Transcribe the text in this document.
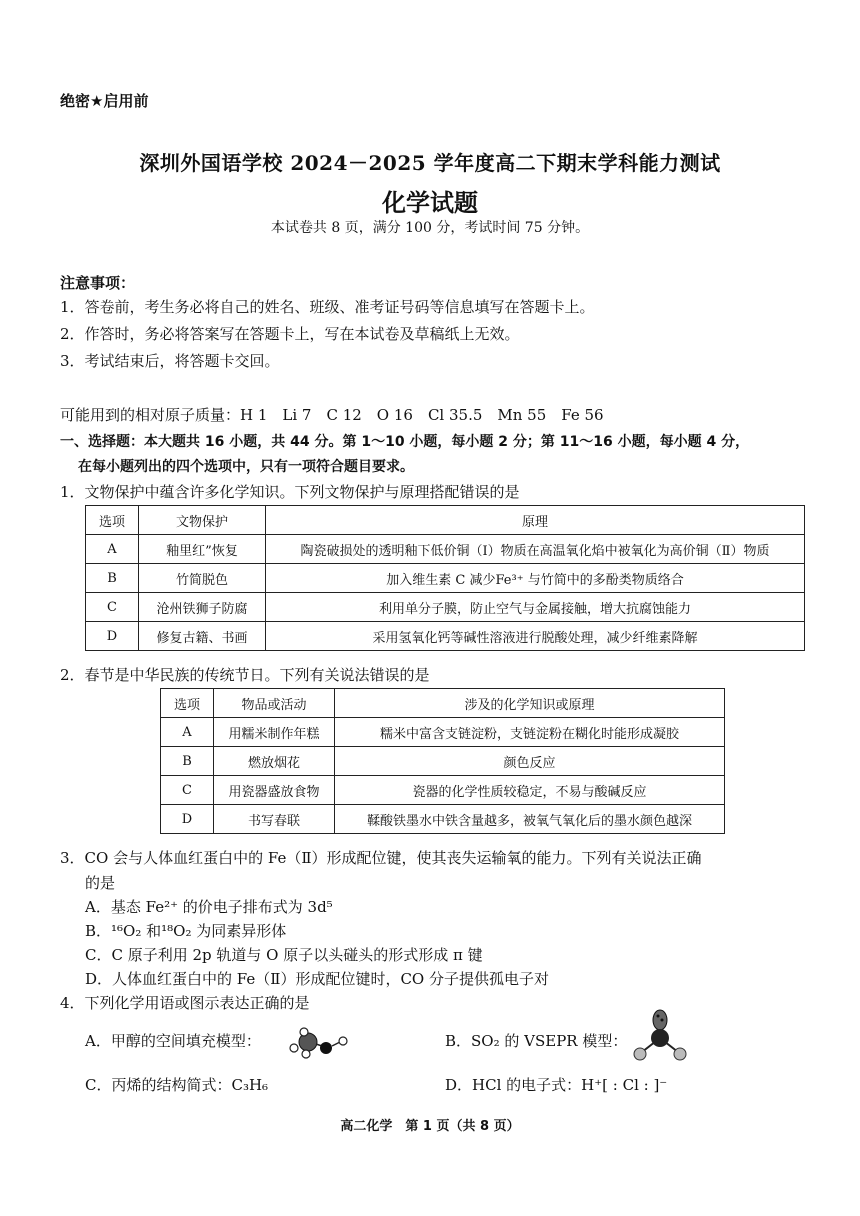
绝密★启用前
深圳外国语学校 2024－2025 学年度高二下期末学科能力测试
化学试题
本试卷共 8 页，满分 100 分，考试时间 75 分钟。
注意事项：
1．答卷前，考生务必将自己的姓名、班级、准考证号码等信息填写在答题卡上。
2．作答时，务必将答案写在答题卡上，写在本试卷及草稿纸上无效。
3．考试结束后，将答题卡交回。
可能用到的相对原子质量：H 1　Li 7　C 12　O 16　Cl 35.5　Mn 55　Fe 56
一、选择题：本大题共 16 小题，共 44 分。第 1～10 小题，每小题 2 分；第 11～16 小题，每小题 4 分，
在每小题列出的四个选项中，只有一项符合题目要求。
1．文物保护中蕴含许多化学知识。下列文物保护与原理搭配错误的是
选项	文物保护	原理
A	釉里红”恢复	陶瓷破损处的透明釉下低价铜（Ⅰ）物质在高温氧化焰中被氧化为高价铜（Ⅱ）物质
B	竹简脱色	加入维生素 C 减少Fe³⁺ 与竹简中的多酚类物质络合
C	沧州铁狮子防腐	利用单分子膜，防止空气与金属接触，增大抗腐蚀能力
D	修复古籍、书画	采用氢氧化钙等碱性溶液进行脱酸处理，减少纤维素降解
2．春节是中华民族的传统节日。下列有关说法错误的是
选项	物品或活动	涉及的化学知识或原理
A	用糯米制作年糕	糯米中富含支链淀粉，支链淀粉在糊化时能形成凝胶
B	燃放烟花	颜色反应
C	用瓷器盛放食物	瓷器的化学性质较稳定，不易与酸碱反应
D	书写春联	鞣酸铁墨水中铁含量越多，被氧气氧化后的墨水颜色越深
3．CO 会与人体血红蛋白中的 Fe（Ⅱ）形成配位键，使其丧失运输氧的能力。下列有关说法正确
的是
A．基态 Fe²⁺ 的价电子排布式为 3d⁵
B．¹⁶O₂ 和¹⁸O₂ 为同素异形体
C．C 原子利用 2p 轨道与 O 原子以头碰头的形式形成 π 键
D．人体血红蛋白中的 Fe（Ⅱ）形成配位键时，CO 分子提供孤电子对
4．下列化学用语或图示表达正确的是
A．甲醇的空间填充模型：	B．SO₂ 的 VSEPR 模型：
C．丙烯的结构简式：C₃H₆	D．HCl 的电子式：H⁺[ : Cl : ]⁻
高二化学　第 1 页（共 8 页）
